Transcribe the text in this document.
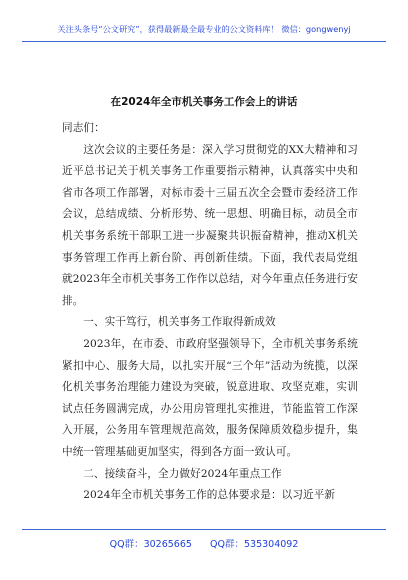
关注头条号“公文研究”，获得最新最全最专业的公文资料库！ 微信：gongwenyj
在2024年全市机关事务工作会上的讲话

同志们：

这次会议的主要任务是：深入学习贯彻党的XX大精神和习近平总书记关于机关事务工作重要指示精神，认真落实中央和省市各项工作部署，对标市委十三届五次全会暨市委经济工作会议，总结成绩、分析形势、统一思想、明确目标，动员全市机关事务系统干部职工进一步凝聚共识振奋精神，推动X机关事务管理工作再上新台阶、再创新佳绩。下面，我代表局党组就2023年全市机关事务工作作以总结，对今年重点任务进行安排。

一、实干笃行，机关事务工作取得新成效

2023年，在市委、市政府坚强领导下，全市机关事务系统紧扣中心、服务大局，以扎实开展“三个年”活动为统揽，以深化机关事务治理能力建设为突破，锐意进取、攻坚克难，实训试点任务圆满完成，办公用房管理扎实推进，节能监管工作深入开展，公务用车管理规范高效，服务保障质效稳步提升，集中统一管理基础更加坚实，得到各方面一致认可。

二、接续奋斗，全力做好2024年重点工作

2024年全市机关事务工作的总体要求是：以习近平新

QQ群：30265665      QQ群：535304092
